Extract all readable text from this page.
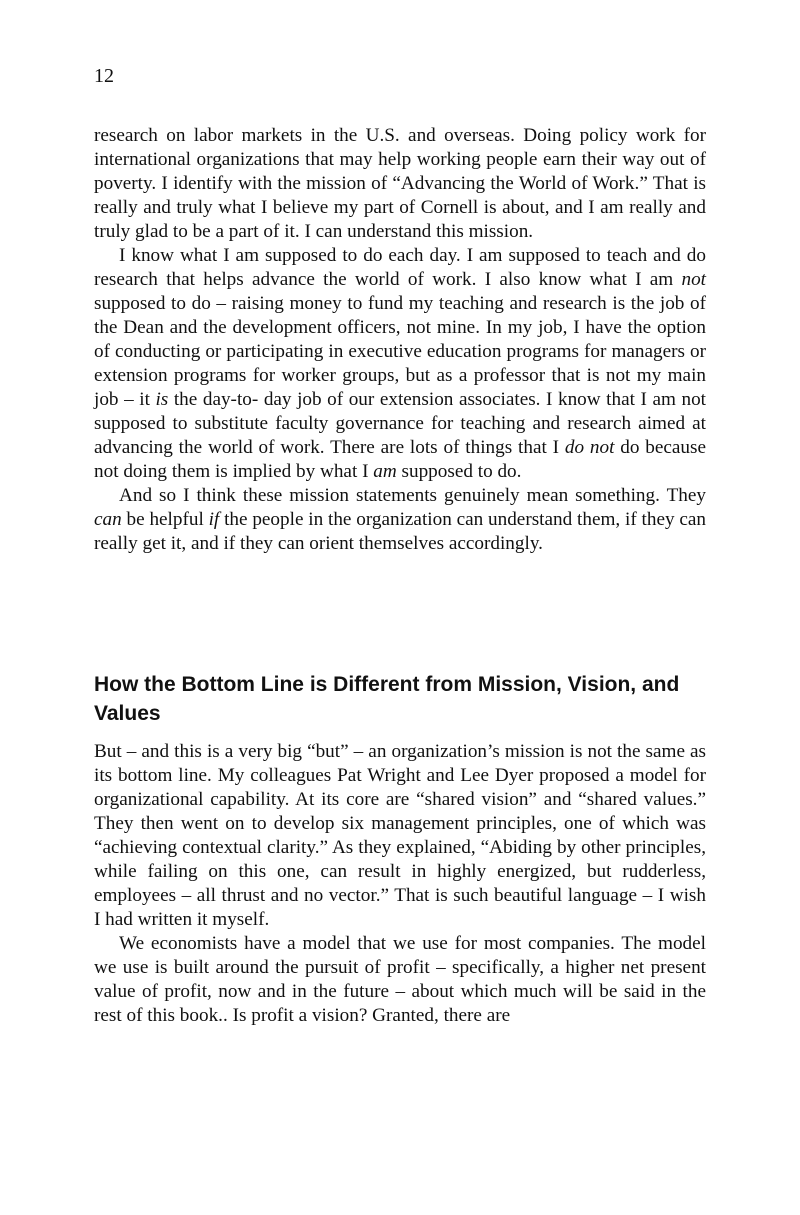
12

research on labor markets in the U.S. and overseas. Doing policy work for international organizations that may help working people earn their way out of poverty. I identify with the mission of “Advancing the World of Work.” That is really and truly what I believe my part of Cornell is about, and I am really and truly glad to be a part of it. I can understand this mission.

I know what I am supposed to do each day. I am supposed to teach and do research that helps advance the world of work. I also know what I am not supposed to do – raising money to fund my teaching and research is the job of the Dean and the development officers, not mine. In my job, I have the option of conducting or participating in executive education programs for managers or extension programs for worker groups, but as a professor that is not my main job – it is the day-to- day job of our extension associates. I know that I am not supposed to substitute faculty governance for teaching and research aimed at advancing the world of work. There are lots of things that I do not do because not doing them is implied by what I am supposed to do.

And so I think these mission statements genuinely mean something. They can be helpful if the people in the organization can understand them, if they can really get it, and if they can orient themselves accordingly.

How the Bottom Line is Different from Mission, Vision, and Values

But – and this is a very big “but” – an organization’s mission is not the same as its bottom line. My colleagues Pat Wright and Lee Dyer proposed a model for organizational capability. At its core are “shared vision” and “shared values.” They then went on to develop six management principles, one of which was “achieving contextual clarity.” As they explained, “Abiding by other principles, while failing on this one, can result in highly energized, but rudderless, employees – all thrust and no vector.” That is such beautiful language – I wish I had written it myself.

We economists have a model that we use for most companies. The model we use is built around the pursuit of profit – specifically, a higher net present value of profit, now and in the future – about which much will be said in the rest of this book.. Is profit a vision? Granted, there are
